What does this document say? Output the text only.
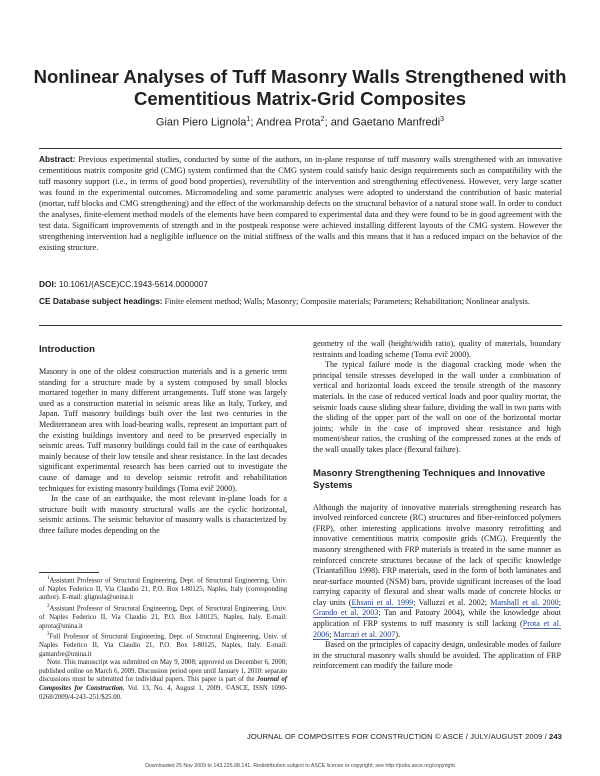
Nonlinear Analyses of Tuff Masonry Walls Strengthened with Cementitious Matrix-Grid Composites
Gian Piero Lignola$^1$; Andrea Prota$^2$; and Gaetano Manfredi$^3$

Abstract: Previous experimental studies, conducted by some of the authors, on in-plane response of tuff masonry walls strengthened with an innovative cementitious matrix composite grid (CMG) system confirmed that the CMG system could satisfy basic design requirements such as compatibility with the tuff masonry support (i.e., in terms of good bond properties), reversibility of the intervention and strengthening effectiveness. However, very large scatter was found in the experimental outcomes. Micromodeling and some parametric analyses were adopted to understand the contribution of basic material (mortar, tuff blocks and CMG strengthening) and the effect of the workmanship defects on the structural behavior of a natural stone wall. In order to conduct the analyses, finite-element method models of the elements have been compared to experimental data and they were found to be in good agreement with the test data. Significant improvements of strength and in the postpeak response were achieved installing different layouts of the CMG system. However the strengthening intervention had a negligible influence on the initial stiffness of the walls and this means that it has a reduced impact on the behavior of the existing structure.

DOI: 10.1061/(ASCE)CC.1943-5614.0000007

CE Database subject headings: Finite element method; Walls; Masonry; Composite materials; Parameters; Rehabilitation; Nonlinear analysis.

Introduction

Masonry is one of the oldest construction materials and is a generic term standing for a structure made by a system composed by small blocks mortared together in many different arrangements. Tuff stone was largely used as a construction material in seismic areas like as Italy, Turkey, and Japan. Tuff masonry buildings built over the last two centuries in the Mediterranean area with load-bearing walls, represent an important part of the existing buildings inventory and need to be preserved especially in seismic areas. Tuff masonry buildings could fail in the case of earthquakes mainly because of their low tensile and shear resistance. In the last decades significant experimental research has been carried out to investigate the cause of damage and to develop seismic retrofit and rehabilitation techniques for existing masonry buildings (Toma evič 2000).

In the case of an earthquake, the most relevant in-plane loads for a structure built with masonry structural walls are the cyclic horizontal, seismic actions. The seismic behavior of masonry walls is characterized by three failure modes depending on the

$^1$Assistant Professor of Structural Engineering, Dept. of Structural Engineering, Univ. of Naples Federico II, Via Claudio 21, P.O. Box I-80125, Naples, Italy (corresponding author). E-mail: glignola@unina.it

$^2$Assistant Professor of Structural Engineering, Dept. of Structural Engineering, Univ. of Naples Federico II, Via Claudio 21, P.O. Box I-80125, Naples, Italy. E-mail: aprota@unina.it

$^3$Full Professor of Structural Engineering, Dept. of Structural Engineering, Univ. of Naples Federico II, Via Claudio 21, P.O. Box I-80125, Naples, Italy. E-mail: gamanfre@unina.it

Note. This manuscript was submitted on May 9, 2008; approved on December 6, 2008; published online on March 6, 2009. Discussion period open until January 1, 2010: separate discussions must be submitted for individual papers. This paper is part of the Journal of Composites for Construction, Vol. 13, No. 4, August 1, 2009. ©ASCE, ISSN 1090-0268/2009/4-243–251/$25.00.

geometry of the wall (height/width ratio), quality of materials, boundary restraints and loading scheme (Toma evič 2000).

The typical failure mode is the diagonal cracking mode when the principal tensile stresses developed in the wall under a combination of vertical and horizontal loads exceed the tensile strength of the masonry materials. In the case of reduced vertical loads and poor quality mortar, the seismic loads cause sliding shear failure, dividing the wall in two parts with the sliding of the upper part of the wall on one of the horizontal mortar joints; while in the case of improved shear resistance and high moment/shear ratios, the crushing of the compressed zones at the ends of the wall usually takes place (flexural failure).

Masonry Strengthening Techniques and Innovative Systems

Although the majority of innovative materials strengthening research has involved reinforced concrete (RC) structures and fiber-reinforced polymers (FRP), other interesting applications involve masonry retrofitting and innovative cementitious matrix composite grids (CMG). Frequently the masonry strengthened with FRP materials is treated in the same manner as reinforced concrete structures because of the lack of specific knowledge (Triantafillou 1998). FRP materials, used in the form of both laminates and near-surface mounted (NSM) bars, provide significant increases of the load carrying capacity of flexural and shear walls made of concrete blocks or clay units (Ehsani et al. 1999; Valluzzi et al. 2002; Marshall et al. 2000; Grando et al. 2003; Tan and Patoary 2004), while the knowledge about application of FRP systems to tuff masonry is still lacking (Prota et al. 2006; Marcari et al. 2007).

Based on the principles of capacity design, undesirable modes of failure in the structural masonry walls should be avoided. The application of FRP reinforcement can modify the failure mode

JOURNAL OF COMPOSITES FOR CONSTRUCTION © ASCE / JULY/AUGUST 2009 / 243
Downloaded 25 Nov 2009 to 143.225.98.141. Redistribution subject to ASCE license or copyright; see http://pubs.asce.org/copyright
